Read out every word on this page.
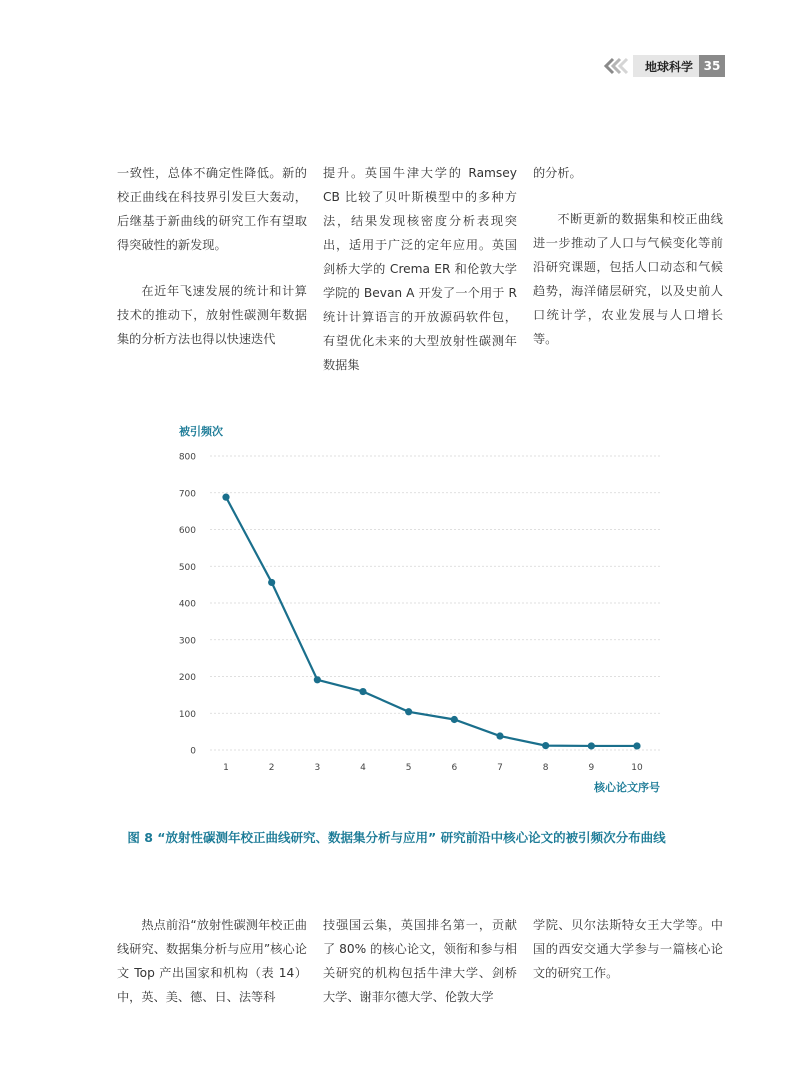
地球科学 35

一致性，总体不确定性降低。新的校正曲线在科技界引发巨大轰动，后继基于新曲线的研究工作有望取得突破性的新发现。

在近年飞速发展的统计和计算技术的推动下，放射性碳测年数据集的分析方法也得以快速迭代

提升。英国牛津大学的 Ramsey CB 比较了贝叶斯模型中的多种方法，结果发现核密度分析表现突出，适用于广泛的定年应用。英国剑桥大学的 Crema ER 和伦敦大学学院的 Bevan A 开发了一个用于 R 统计计算语言的开放源码软件包，有望优化未来的大型放射性碳测年数据集

的分析。

不断更新的数据集和校正曲线进一步推动了人口与气候变化等前沿研究课题，包括人口动态和气候趋势，海洋储层研究，以及史前人口统计学，农业发展与人口增长等。

被引频次
核心论文序号
0
100
200
300
400
500
600
700
800
1	2	3	4	5	6	7	8	9	10
图 8 “放射性碳测年校正曲线研究、数据集分析与应用” 研究前沿中核心论文的被引频次分布曲线

热点前沿“放射性碳测年校正曲线研究、数据集分析与应用”核心论文 Top 产出国家和机构（表 14）中，英、美、德、日、法等科

技强国云集，英国排名第一，贡献了 80% 的核心论文，领衔和参与相关研究的机构包括牛津大学、剑桥大学、谢菲尔德大学、伦敦大学

学院、贝尔法斯特女王大学等。中国的西安交通大学参与一篇核心论文的研究工作。
